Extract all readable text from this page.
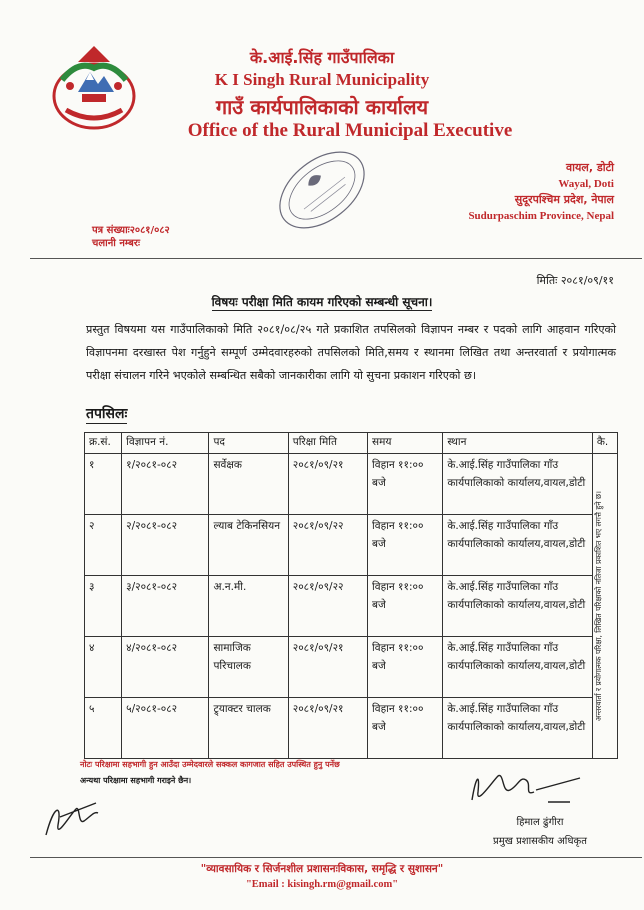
के.आई.सिंह गाउँपालिका
K I Singh Rural Municipality
गाउँ कार्यपालिकाको कार्यालय
Office of the Rural Municipal Executive
वायल, डोटी
Wayal, Doti
सुदूरपश्चिम प्रदेश, नेपाल
Sudurpaschim Province, Nepal
पत्र संख्याः२०८१/०८२
चलानी नम्बरः
मितिः २०८१/०९/११
विषयः परीक्षा मिति कायम गरिएको सम्बन्धी सूचना।
प्रस्तुत विषयमा यस गाउँपालिकाको मिति २०८१/०८/२५ गते प्रकाशित तपसिलको विज्ञापन नम्बर र पदको लागि आहवान गरिएको विज्ञापनमा दरखास्त पेश गर्नुहुने सम्पूर्ण उम्मेदवारहरुको तपसिलको मिति,समय र स्थानमा लिखित तथा अन्तरवार्ता र प्रयोगात्मक परीक्षा संचालन गरिने भएकोले सम्बन्धित सबैको जानकारीका लागि यो सुचना प्रकाशन गरिएको छ।
तपसिलः
क्र.सं.	विज्ञापन नं.	पद	परिक्षा मिति	समय	स्थान	कै.
१	१/२०८१-०८२	सर्वेक्षक	२०८१/०९/२१	विहान ११:०० बजे	के.आई.सिंह गाउँपालिका गाँउ कार्यपालिकाको कार्यालय,वायल,डोटी	अन्तरवार्ता र प्रयोगात्मक परिक्षा, लिखित परिक्षाको नतिजा प्रकाशित भए लगत्तै हुने छ।

२	२/२०८१-०८२	ल्याब टेकिनसियन	२०८१/०९/२२	विहान ११:०० बजे	के.आई.सिंह गाउँपालिका गाँउ कार्यपालिकाको कार्यालय,वायल,डोटी	
३	३/२०८१-०८२	अ.न.मी.	२०८१/०९/२२	विहान ११:०० बजे	के.आई.सिंह गाउँपालिका गाँउ कार्यपालिकाको कार्यालय,वायल,डोटी	
४	४/२०८१-०८२	सामाजिक परिचालक	२०८१/०९/२१	विहान ११:०० बजे	के.आई.सिंह गाउँपालिका गाँउ कार्यपालिकाको कार्यालय,वायल,डोटी	
५	५/२०८१-०८२	ट्र्याक्टर चालक	२०८१/०९/२१	विहान ११:०० बजे	के.आई.सिंह गाउँपालिका गाँउ कार्यपालिकाको कार्यालय,वायल,डोटी	
नोटः परिक्षामा सहभागी हुन आउँदा उम्मेदवारले सक्कल कागजात सहित उपस्थित हुनु पर्नेछ
अन्यथा परिक्षामा सहभागी गराइने छैन।
हिमाल ढुंगीरा
प्रमुख प्रशासकीय अधिकृत
"व्यावसायिक र सिर्जनशील प्रशासनःविकास, समृद्धि र सुशासन"
"Email : kisingh.rm@gmail.com"
